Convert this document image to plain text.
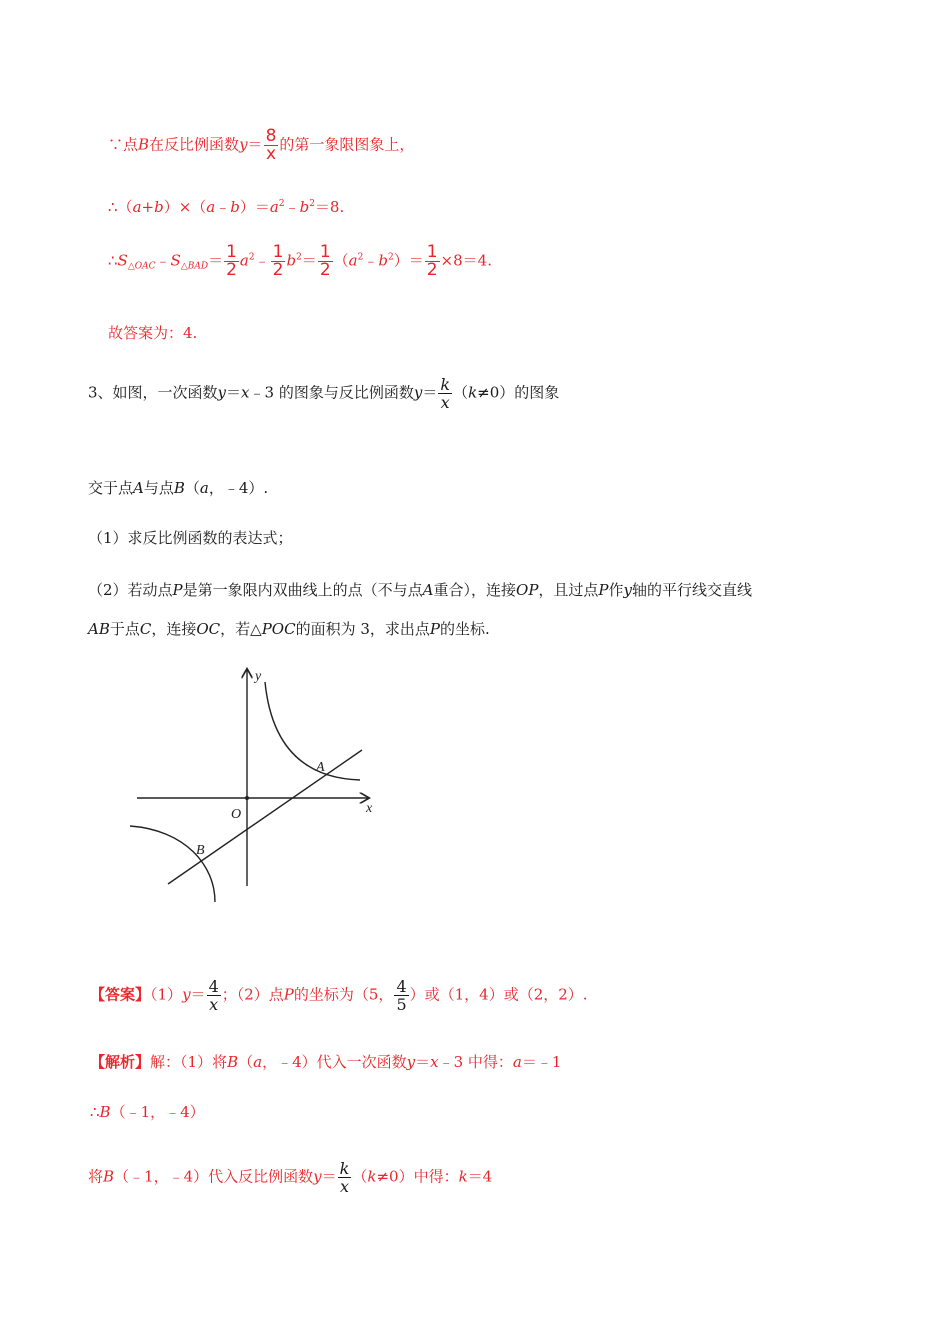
∵点B在反比例函数$y= \frac{8}{x}$ 的第一象限图象上，
$\therefore(a+b)\times(a﹣b)=a^2﹣b^2=8$.
$\therefore S_{\triangle OAC}﹣S_{\triangle BAD}= \frac{1}{2}$ $a^2﹣ \frac{1}{2} b^2= \frac{1}{2}$ $(a^2﹣b^2)= \frac{1}{2} \times 8=4$.
故答案为：4.
3、如图，一次函数y＝x﹣3 的图象与反比例函数$y= \frac{k}{x} (k\ne 0)$的图象
交于点A与点B（a，﹣4）.
（1）求反比例函数的表达式；
（2）若动点P是第一象限内双曲线上的点（不与点A重合），连接OP，且过点P作y轴的平行线交直线
AB于点C，连接OC，若△POC的面积为 3，求出点P的坐标.
y
x
O
A
B
【答案】$(1)y= \frac{4}{x}$ ；（2）点P的坐标为（5， $\frac{4}{5}$ ）或（1，4）或（2，2）.
【解析】解：（1）将B（a，﹣4）代入一次函数y＝x﹣3 中得：a＝﹣1
∴B（﹣1，﹣4）
将B（﹣1，﹣4）代入反比例函数$y= \frac{k}{x} (k\ne 0)$中得：k＝4
